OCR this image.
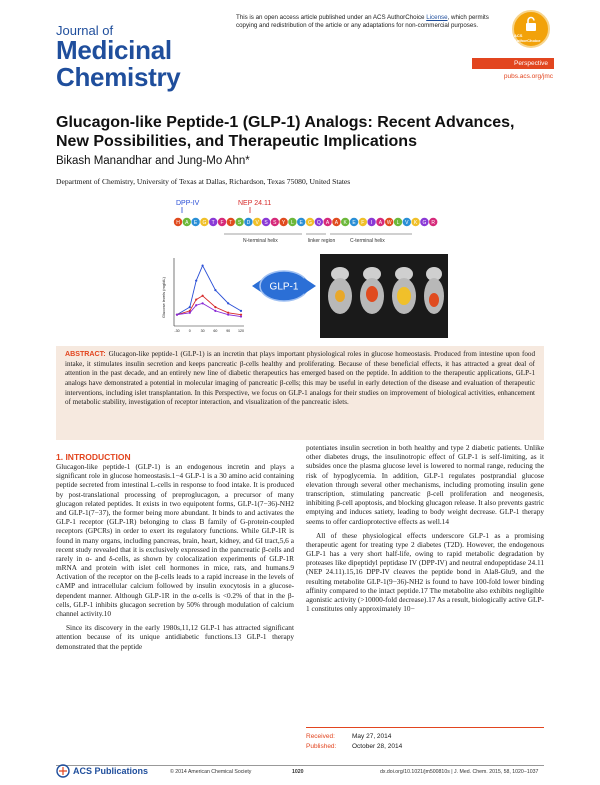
Journal of
Medicinal
Chemistry
This is an open access article published under an ACS AuthorChoice License, which permits copying and redistribution of the article or any adaptations for non-commercial purposes.
ACS AuthorChoice
Perspective
pubs.acs.org/jmc
Glucagon-like Peptide-1 (GLP-1) Analogs: Recent Advances, New Possibilities, and Therapeutic Implications
Bikash Manandhar and Jung-Mo Ahn*
Department of Chemistry, University of Texas at Dallas, Richardson, Texas 75080, United States
DPP-IV	NEP 24.11
H A E G T F T S D V S S Y L E G Q A A K E F I A W L V K G R
N-terminal helix	linker region	C-terminal helix
Glucose levels (mg/dL)
-30	0	30 60 90 120
GLP-1
ABSTRACT: Glucagon-like peptide-1 (GLP-1) is an incretin that plays important physiological roles in glucose homeostasis. Produced from intestine upon food intake, it stimulates insulin secretion and keeps pancreatic β-cells healthy and proliferating. Because of these beneficial effects, it has attracted a great deal of attention in the past decade, and an entirely new line of diabetic therapeutics has emerged based on the peptide. In addition to the therapeutic applications, GLP-1 analogs have demonstrated a potential in molecular imaging of pancreatic β-cells; this may be useful in early detection of the disease and evaluation of therapeutic interventions, including islet transplantation. In this Perspective, we focus on GLP-1 analogs for their studies on improvement of biological activities, enhancement of metabolic stability, investigation of receptor interaction, and visualization of the pancreatic islets.
1. INTRODUCTION

Glucagon-like peptide-1 (GLP-1) is an endogenous incretin and plays a significant role in glucose homeostasis.1−4 GLP-1 is a 30 amino acid containing peptide secreted from intestinal L-cells in response to food intake. It is produced by post-translational processing of preproglucagon, a precursor of many glucagon related peptides. It exists in two equipotent forms, GLP-1(7−36)-NH2 and GLP-1(7−37), the former being more abundant. It binds to and activates the GLP-1 receptor (GLP-1R) belonging to class B family of G-protein-coupled receptors (GPCRs) in order to exert its regulatory functions. While GLP-1R is found in many organs, including pancreas, brain, heart, kidney, and GI tract,5,6 a recent study revealed that it is exclusively expressed in the pancreatic β-cells and rarely in α- and δ-cells, as shown by colocalization experiments of GLP-1R mRNA and protein with islet cell hormones in mice, rats, and humans.9 Activation of the receptor on the β-cells leads to a rapid increase in the levels of cAMP and intracellular calcium followed by insulin exocytosis in a glucose-dependent manner. Although GLP-1R in the α-cells is <0.2% of that in the β-cells, GLP-1 inhibits glucagon secretion by 50% through modulation of calcium channel activity.10

Since its discovery in the early 1980s,11,12 GLP-1 has attracted significant attention because of its unique antidiabetic functions.13 GLP-1 therapy demonstrated that the peptide

potentiates insulin secretion in both healthy and type 2 diabetic patients. Unlike other diabetes drugs, the insulinotropic effect of GLP-1 is self-limiting, as it subsides once the plasma glucose level is lowered to normal range, reducing the risk of hypoglycemia. In addition, GLP-1 regulates postprandial glucose elevation through several other mechanisms, including promoting insulin gene transcription, stimulating pancreatic β-cell proliferation and neogenesis, inhibiting β-cell apoptosis, and blocking glucagon release. It also prevents gastric emptying and induces satiety, leading to body weight decrease. GLP-1 therapy seems to offer cardioprotective effects as well.14

All of these physiological effects underscore GLP-1 as a promising therapeutic agent for treating type 2 diabetes (T2D). However, the endogenous GLP-1 has a very short half-life, owing to rapid metabolic degradation by proteases like dipeptidyl peptidase IV (DPP-IV) and neutral endopeptidase 24.11 (NEP 24.11).15,16 DPP-IV cleaves the peptide bond in Ala8-Glu9, and the resulting metabolite GLP-1(9−36)-NH2 is found to have 100-fold lower binding affinity compared to the intact peptide.17 The metabolite also exhibits negligible agonistic activity (>10000-fold decrease).17 As a result, biologically active GLP-1 constitutes only approximately 10−

Received:	May 27, 2014
Published: October 28, 2014
ACS Publications	© 2014 American Chemical Society	1020	dx.doi.org/10.1021/jm500810s | J. Med. Chem. 2015, 58, 1020−1037
